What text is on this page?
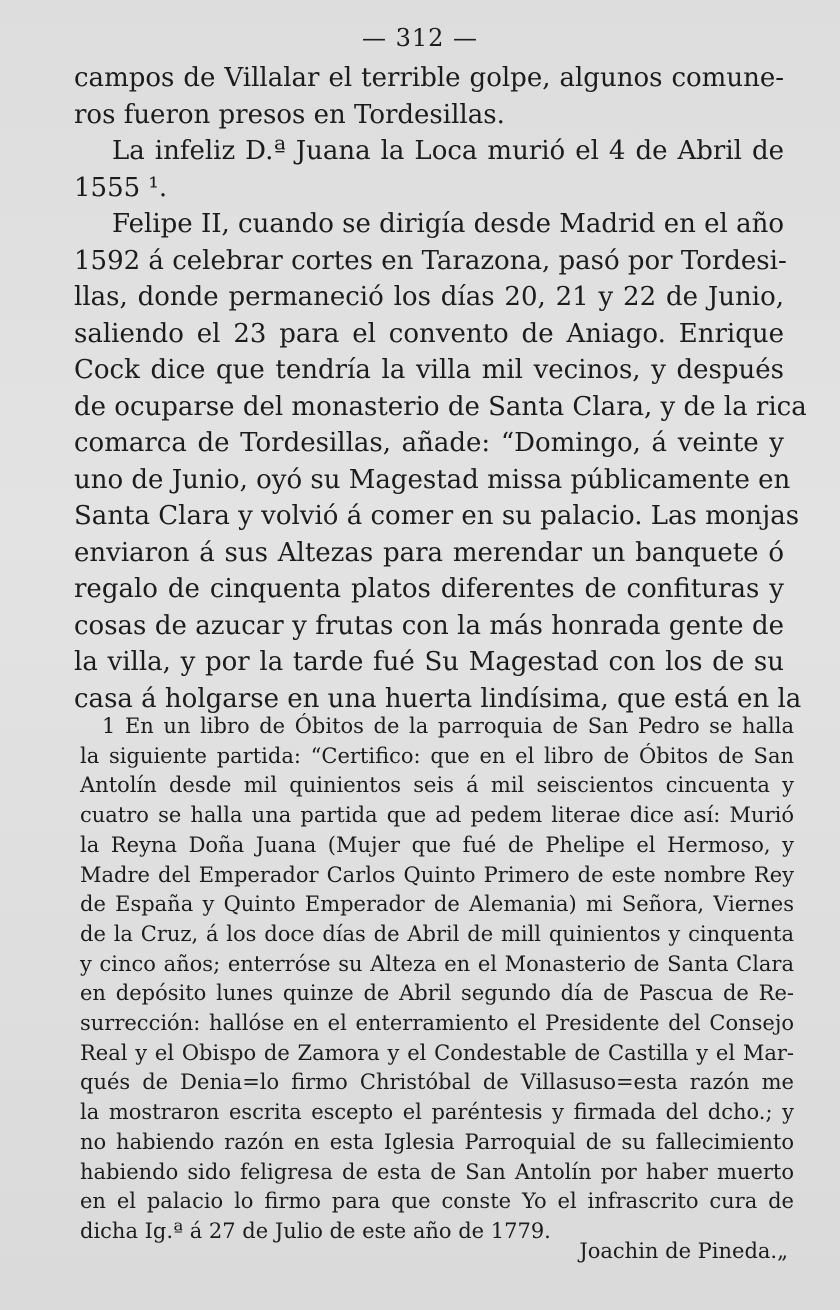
— 312 —
campos de Villalar el terrible golpe, algunos comune-
ros fueron presos en Tordesillas.
La infeliz D.ª Juana la Loca murió el 4 de Abril de
1555 ¹.
Felipe II, cuando se dirigía desde Madrid en el año
1592 á celebrar cortes en Tarazona, pasó por Tordesi-
llas, donde permaneció los días 20, 21 y 22 de Junio,
saliendo el 23 para el convento de Aniago. Enrique
Cock dice que tendría la villa mil vecinos, y después
de ocuparse del monasterio de Santa Clara, y de la rica
comarca de Tordesillas, añade: “Domingo, á veinte y
uno de Junio, oyó su Magestad missa públicamente en
Santa Clara y volvió á comer en su palacio. Las monjas
enviaron á sus Altezas para merendar un banquete ó
regalo de cinquenta platos diferentes de confituras y
cosas de azucar y frutas con la más honrada gente de
la villa, y por la tarde fué Su Magestad con los de su
casa á holgarse en una huerta lindísima, que está en la
1 En un libro de Óbitos de la parroquia de San Pedro se halla
la siguiente partida: “Certifico: que en el libro de Óbitos de San
Antolín desde mil quinientos seis á mil seiscientos cincuenta y
cuatro se halla una partida que ad pedem literae dice así: Murió
la Reyna Doña Juana (Mujer que fué de Phelipe el Hermoso, y
Madre del Emperador Carlos Quinto Primero de este nombre Rey
de España y Quinto Emperador de Alemania) mi Señora, Viernes
de la Cruz, á los doce días de Abril de mill quinientos y cinquenta
y cinco años; enterróse su Alteza en el Monasterio de Santa Clara
en depósito lunes quinze de Abril segundo día de Pascua de Re-
surrección: hallóse en el enterramiento el Presidente del Consejo
Real y el Obispo de Zamora y el Condestable de Castilla y el Mar-
qués de Denia=lo firmo Christóbal de Villasuso=esta razón me
la mostraron escrita escepto el paréntesis y firmada del dcho.; y
no habiendo razón en esta Iglesia Parroquial de su fallecimiento
habiendo sido feligresa de esta de San Antolín por haber muerto
en el palacio lo firmo para que conste Yo el infrascrito cura de
dicha Ig.ª á 27 de Julio de este año de 1779.
Joachin de Pineda.„
